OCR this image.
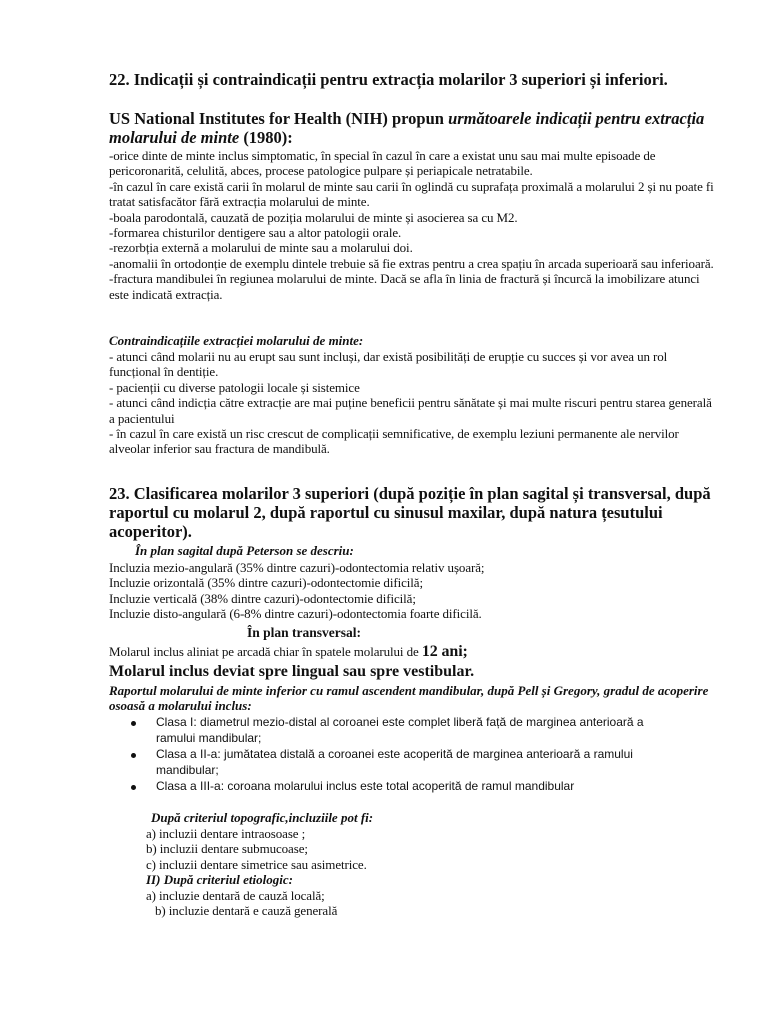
22. Indicații și contraindicații pentru extracția molarilor 3 superiori și inferiori.
US National Institutes for Health (NIH) propun următoarele indicații pentru extracția molarului de minte (1980):
-orice dinte de minte inclus simptomatic, în special în cazul în care a existat unu sau mai multe episoade de pericoronarită, celulită, abces, procese patologice pulpare și periapicale netratabile.
-în cazul în care există carii în molarul de minte sau carii în oglindă cu suprafața proximală a molarului 2 și nu poate fi tratat satisfacător fără extracția molarului de minte.
-boala parodontală, cauzată de poziția molarului de minte și asocierea sa cu M2.
-formarea chisturilor dentigere sau a altor patologii orale.
-rezorbția externă a molarului de minte sau a molarului doi.
-anomalii în ortodonție de exemplu dintele trebuie să fie extras pentru a crea spațiu în arcada superioară sau inferioară.
-fractura mandibulei în regiunea molarului de minte. Dacă se afla în linia de fractură și încurcă la imobilizare atunci este indicată extracția.
Contraindicațiile extracției molarului de minte:
- atunci când molarii nu au erupt sau sunt incluși, dar există posibilități de erupție cu succes și vor avea un rol funcțional în dentiție.
- pacienții cu diverse patologii locale și sistemice
- atunci când indicția către extracție are mai puține beneficii pentru sănătate și mai multe riscuri pentru starea generală a pacientului
- în cazul în care există un risc crescut de complicații semnificative, de exemplu leziuni permanente ale nervilor alveolar inferior sau fractura de mandibulă.
23. Clasificarea molarilor 3 superiori (după poziție în plan sagital și transversal, după raportul cu molarul 2, după raportul cu sinusul maxilar, după natura țesutului acoperitor).
În plan sagital după Peterson se descriu:
Incluzia mezio-angulară (35% dintre cazuri)-odontectomia relativ ușoară;
Incluzie orizontală (35% dintre cazuri)-odontectomie dificilă;
Incluzie verticală (38% dintre cazuri)-odontectomie dificilă;
Incluzie disto-angulară (6-8% dintre cazuri)-odontectomia foarte dificilă.
În plan transversal:
Molarul inclus aliniat pe arcadă chiar în spatele molarului de 12 ani;
Molarul inclus deviat spre lingual sau spre vestibular.
Raportul molarului de minte inferior cu ramul ascendent mandibular, după Pell și Gregory, gradul de acoperire osoasă a molarului inclus:
Clasa I: diametrul mezio-distal al coroanei este complet liberă față de marginea anterioară a ramului mandibular;
Clasa a II-a: jumătatea distală a coroanei este acoperită de marginea anterioară a ramului mandibular;
Clasa a III-a: coroana molarului inclus este total acoperită de ramul mandibular
După criteriul topografic,incluziile pot fi:
a) incluzii dentare intraosoase ;
b) incluzii dentare submucoase;
c) incluzii dentare simetrice sau asimetrice.
II) După criteriul etiologic:
a) incluzie dentară de cauză locală;
b) incluzie dentară e cauză generală
